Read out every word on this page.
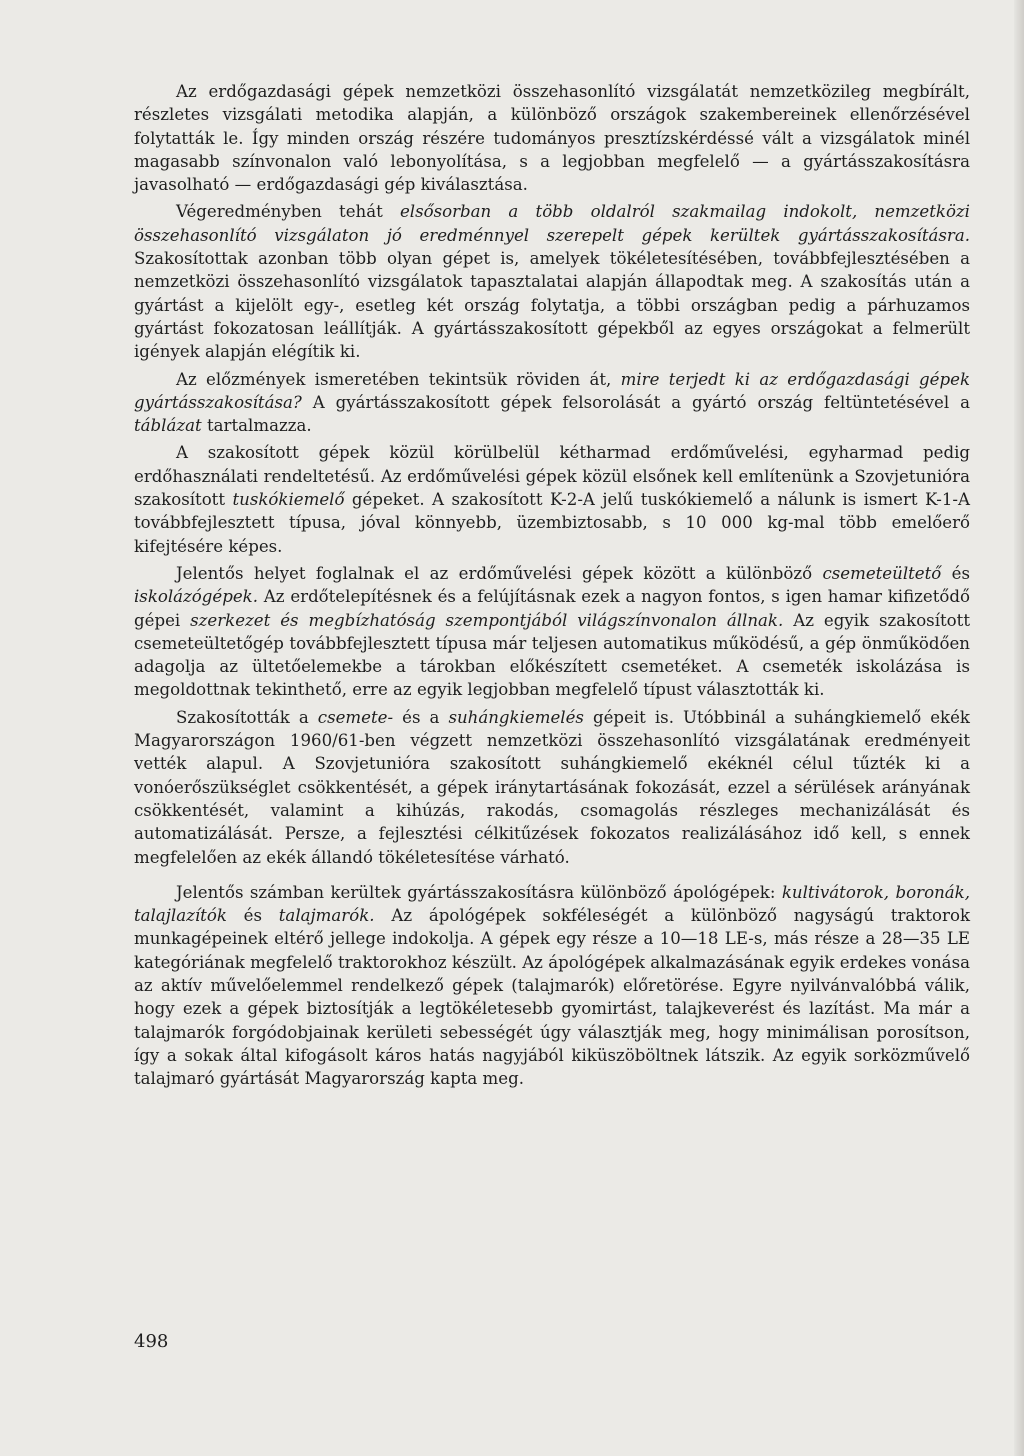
Az erdőgazdasági gépek nemzetközi összehasonlító vizsgálatát nemzetközileg megbírált, részletes vizsgálati metodika alapján, a különböző országok szakembereinek ellenőrzésével folytatták le. Így minden ország részére tudományos presztízskérdéssé vált a vizsgálatok minél magasabb színvonalon való lebonyolítása, s a legjobban megfelelő — a gyártásszakosításra javasolható — erdőgazdasági gép kiválasztása.

Végeredményben tehát elsősorban a több oldalról szakmailag indokolt, nemzetközi összehasonlító vizsgálaton jó eredménnyel szerepelt gépek kerültek gyártásszakosításra. Szakosítottak azonban több olyan gépet is, amelyek tökéletesítésében, továbbfejlesztésében a nemzetközi összehasonlító vizsgálatok tapasztalatai alapján állapodtak meg. A szakosítás után a gyártást a kijelölt egy-, esetleg két ország folytatja, a többi országban pedig a párhuzamos gyártást fokozatosan leállítják. A gyártásszakosított gépekből az egyes országokat a felmerült igények alapján elégítik ki.

Az előzmények ismeretében tekintsük röviden át, mire terjedt ki az erdőgazdasági gépek gyártásszakosítása? A gyártásszakosított gépek felsorolását a gyártó ország feltüntetésével a táblázat tartalmazza.

A szakosított gépek közül körülbelül kétharmad erdőművelési, egyharmad pedig erdőhasználati rendeltetésű. Az erdőművelési gépek közül elsőnek kell említenünk a Szovjetunióra szakosított tuskókiemelő gépeket. A szakosított K-2-A jelű tuskókiemelő a nálunk is ismert K-1-A továbbfejlesztett típusa, jóval könnyebb, üzembiztosabb, s 10 000 kg-mal több emelőerő kifejtésére képes.

Jelentős helyet foglalnak el az erdőművelési gépek között a különböző csemeteültető és iskolázógépek. Az erdőtelepítésnek és a felújításnak ezek a nagyon fontos, s igen hamar kifizetődő gépei szerkezet és megbízhatóság szempontjából világszínvonalon állnak. Az egyik szakosított csemeteültetőgép továbbfejlesztett típusa már teljesen automatikus működésű, a gép önműködően adagolja az ültetőelemekbe a tárokban előkészített csemetéket. A csemeték iskolázása is megoldottnak tekinthető, erre az egyik legjobban megfelelő típust választották ki.

Szakosították a csemete- és a suhángkiemelés gépeit is. Utóbbinál a suhángkiemelő ekék Magyarországon 1960/61-ben végzett nemzetközi összehasonlító vizsgálatának eredményeit vették alapul. A Szovjetunióra szakosított suhángkiemelő ekéknél célul tűzték ki a vonóerőszükséglet csökkentését, a gépek iránytartásának fokozását, ezzel a sérülések arányának csökkentését, valamint a kihúzás, rakodás, csomagolás részleges mechanizálását és automatizálását. Persze, a fejlesztési célkitűzések fokozatos realizálásához idő kell, s ennek megfelelően az ekék állandó tökéletesítése várható.

Jelentős számban kerültek gyártásszakosításra különböző ápológépek: kultivátorok, boronák, talajlazítók és talajmarók. Az ápológépek sokféleségét a különböző nagyságú traktorok munkagépeinek eltérő jellege indokolja. A gépek egy része a 10—18 LE-s, más része a 28—35 LE kategóriának megfelelő traktorokhoz készült. Az ápológépek alkalmazásának egyik erdekes vonása az aktív művelőelemmel rendelkező gépek (talajmarók) előretörése. Egyre nyilvánvalóbbá válik, hogy ezek a gépek biztosítják a legtökéletesebb gyomirtást, talajkeverést és lazítást. Ma már a talajmarók forgódobjainak kerületi sebességét úgy választják meg, hogy minimálisan porosítson, így a sokak által kifogásolt káros hatás nagyjából kiküszöböltnek látszik. Az egyik sorközművelő talajmaró gyártását Magyarország kapta meg.

498
